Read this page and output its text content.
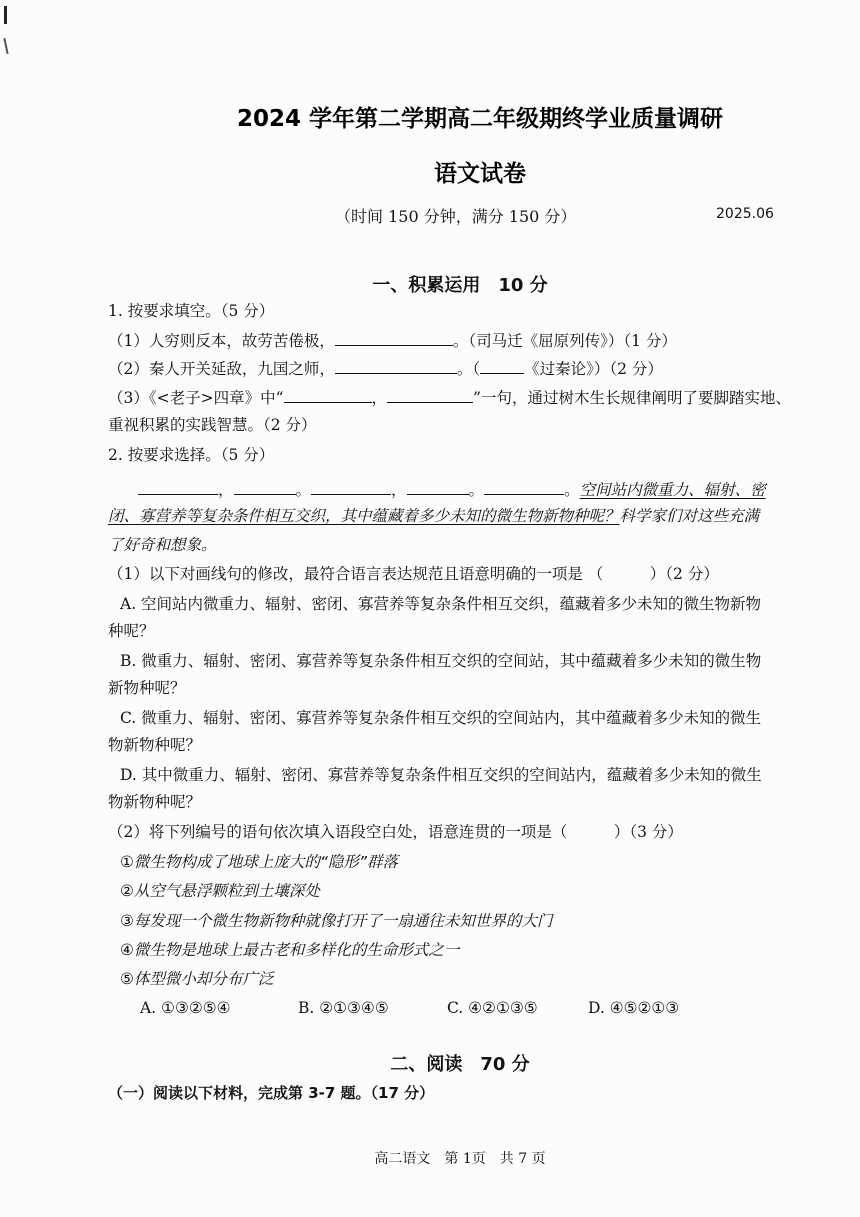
2024 学年第二学期高二年级期终学业质量调研
语文试卷
（时间 150 分钟，满分 150 分）	2025.06
一、积累运用　10 分
1. 按要求填空。（5 分）
（1）人穷则反本，故劳苦倦极，	。（司马迁《屈原列传》）（1 分）
（2）秦人开关延敌，九国之师，	。（	《过秦论》）（2 分）
（3）《<老子>四章》中“	，	”一句，通过树木生长规律阐明了要脚踏实地、
重视积累的实践智慧。（2 分）
2. 按要求选择。（5 分）
，	。	，	。	。空间站内微重力、辐射、密
闭、寡营养等复杂条件相互交织，其中蕴藏着多少未知的微生物新物种呢？科学家们对这些充满
了好奇和想象。
（1）以下对画线句的修改，最符合语言表达规范且语意明确的一项是 （　　　）（2 分）
A. 空间站内微重力、辐射、密闭、寡营养等复杂条件相互交织，蕴藏着多少未知的微生物新物
种呢？
B. 微重力、辐射、密闭、寡营养等复杂条件相互交织的空间站，其中蕴藏着多少未知的微生物
新物种呢？
C. 微重力、辐射、密闭、寡营养等复杂条件相互交织的空间站内，其中蕴藏着多少未知的微生
物新物种呢？
D. 其中微重力、辐射、密闭、寡营养等复杂条件相互交织的空间站内，蕴藏着多少未知的微生
物新物种呢？
（2）将下列编号的语句依次填入语段空白处，语意连贯的一项是（　　　）（3 分）
①微生物构成了地球上庞大的“隐形”群落
②从空气悬浮颗粒到土壤深处
③每发现一个微生物新物种就像打开了一扇通往未知世界的大门
④微生物是地球上最古老和多样化的生命形式之一
⑤体型微小却分布广泛
A. ①③②⑤④	B. ②①③④⑤	C. ④②①③⑤	D. ④⑤②①③
二、阅读　70 分
（一）阅读以下材料，完成第 3-7 题。（17 分）
高二语文　第 1页　共 7 页
